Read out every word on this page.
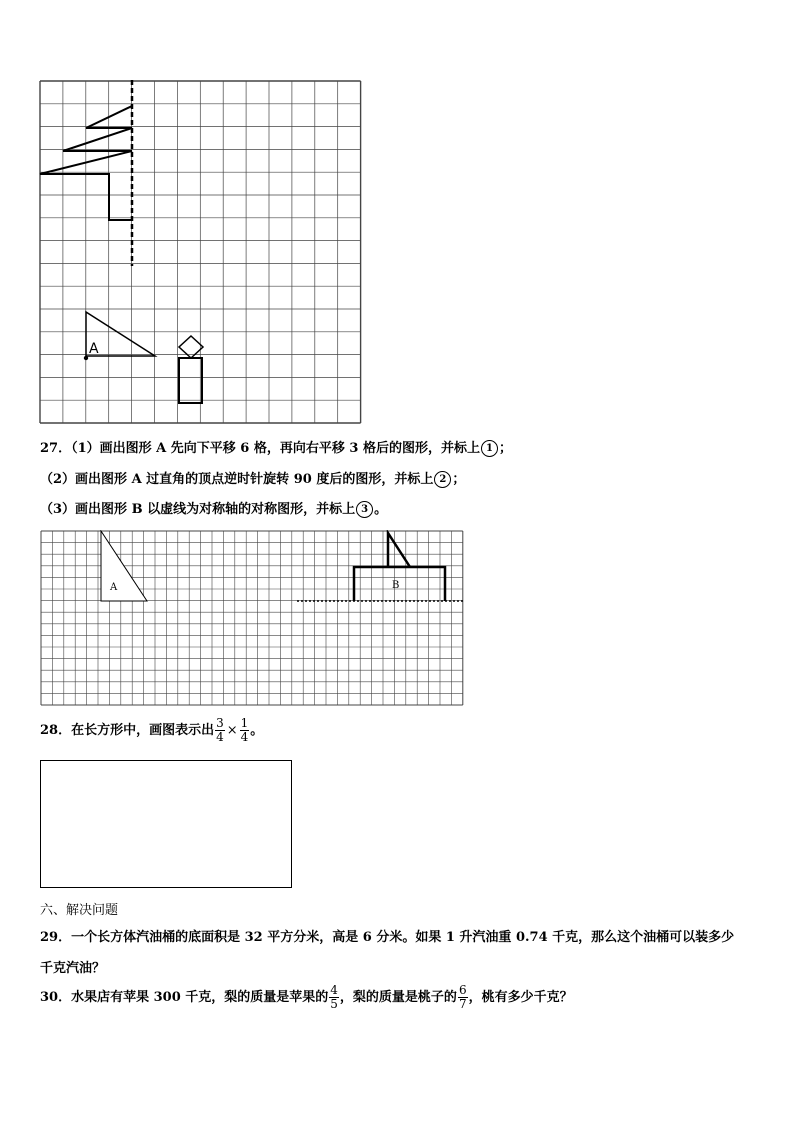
A
27．（1）画出图形 A 先向下平移 6 格，再向右平移 3 格后的图形，并标上 1 ；
（2）画出图形 A 过直角的顶点逆时针旋转 90 度后的图形，并标上 2 ；
（3）画出图形 B 以虚线为对称轴的对称图形，并标上 3 。
A	B
28．在长方形中，画图表示出 $\frac{3}{4} \times \frac{1}{4}$ 。
六、解决问题
29．一个长方体汽油桶的底面积是 32 平方分米，高是 6 分米。如果 1 升汽油重 0.74 千克，那么这个油桶可以装多少
千克汽油？
30．水果店有苹果 300 千克，梨的质量是苹果的 $\frac{4}{5}$ ，梨的质量是桃子的 $\frac{6}{7}$ ，桃有多少千克？
